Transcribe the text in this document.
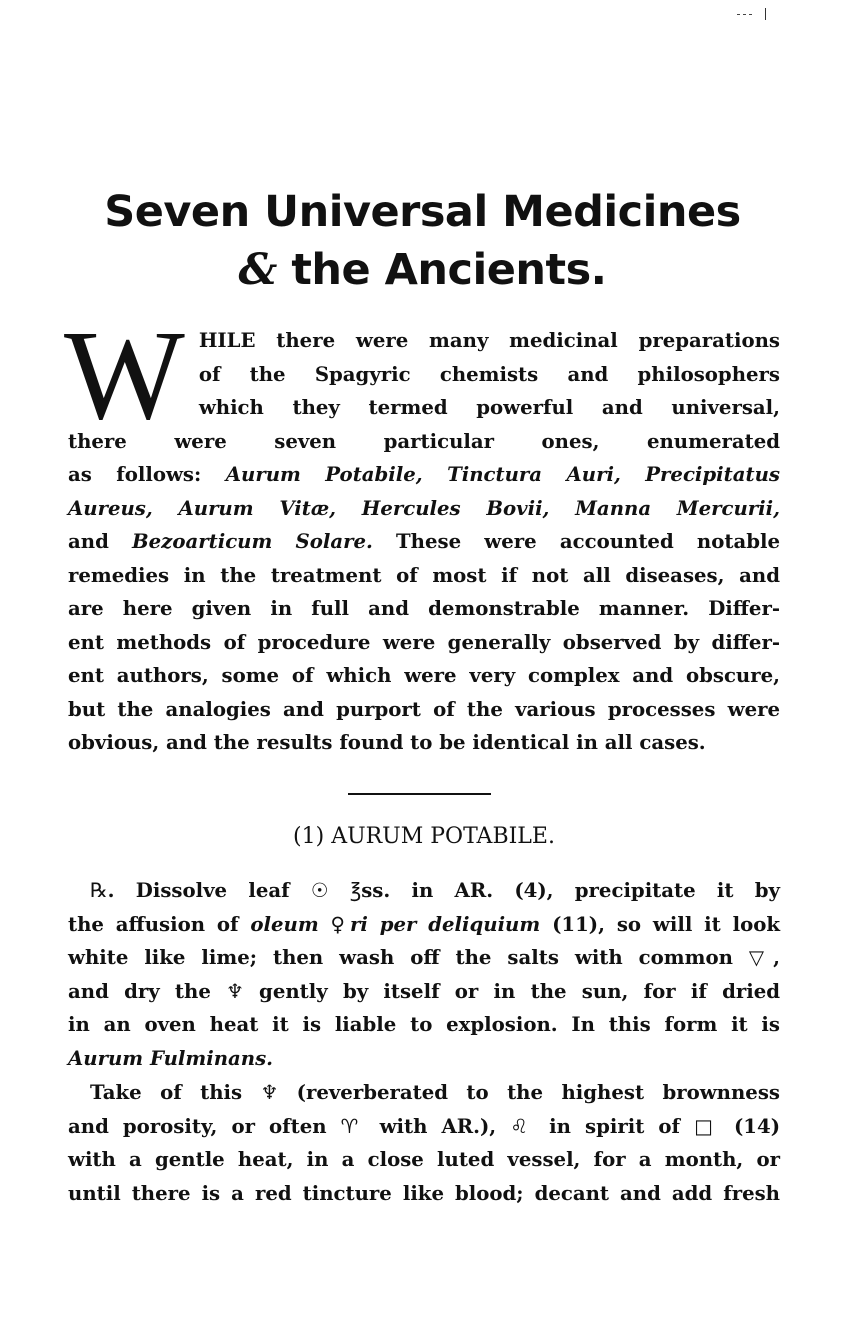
Seven Universal Medicines
& the Ancients.

W HILE there were many medicinal preparations
of the Spagyric chemists and philosophers
which they termed powerful and universal,
there were seven particular ones, enumerated
as follows: Aurum Potabile, Tinctura Auri, Precipitatus
Aureus, Aurum Vitæ, Hercules Bovii, Manna Mercurii,
and Bezoarticum Solare. These were accounted notable
remedies in the treatment of most if not all diseases, and
are here given in full and demonstrable manner. Differ-
ent methods of procedure were generally observed by differ-
ent authors, some of which were very complex and obscure,
but the analogies and purport of the various processes were
obvious, and the results found to be identical in all cases.

(1) AURUM POTABILE.

℞. Dissolve leaf ☉ ℥ss. in AR. (4), precipitate it by
the affusion of oleum ♀ri per deliquium (11), so will it look
white like lime; then wash off the salts with common ▽,
and dry the ♆ gently by itself or in the sun, for if dried
in an oven heat it is liable to explosion. In this form it is
Aurum Fulminans.

Take of this ♆ (reverberated to the highest brownness
and porosity, or often ♈ with AR.), ♌ in spirit of □ (14)
with a gentle heat, in a close luted vessel, for a month, or
until there is a red tincture like blood; decant and add fresh
